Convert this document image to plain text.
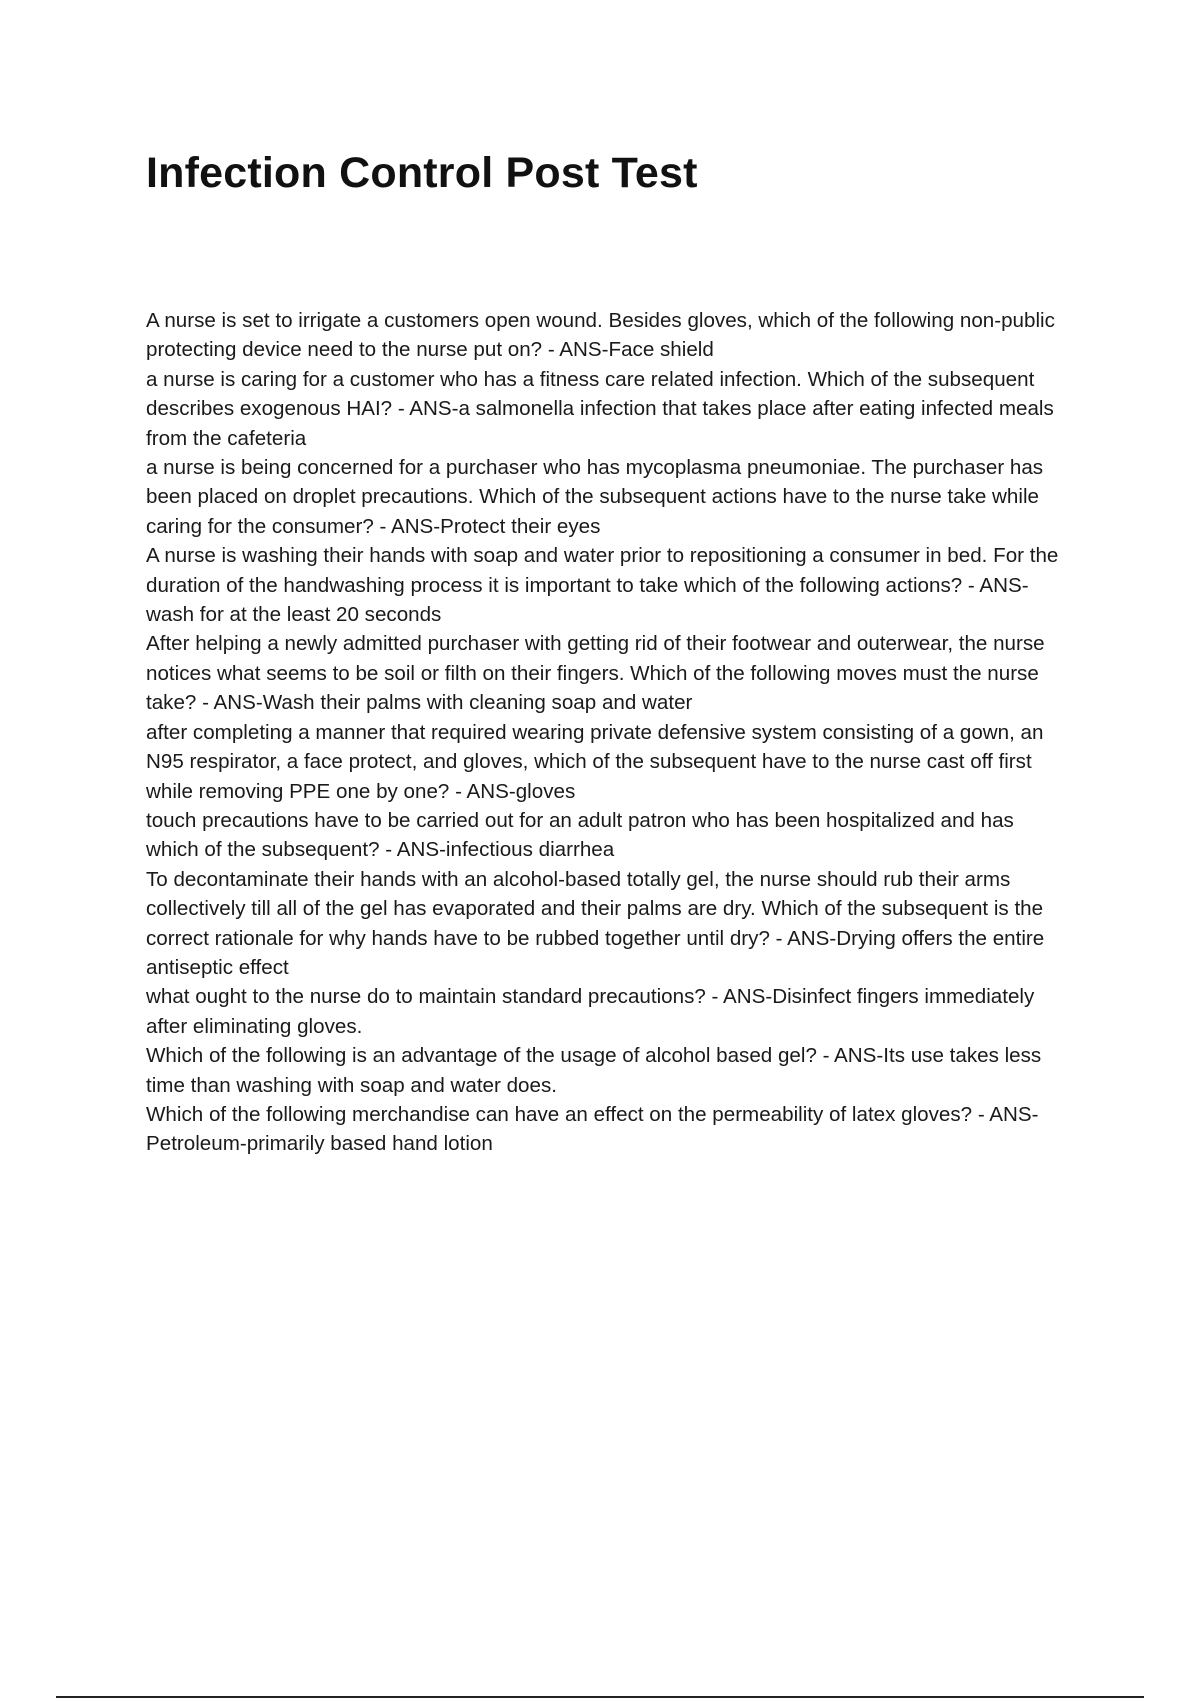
Infection Control Post Test
A nurse is set to irrigate a customers open wound. Besides gloves, which of the following non-public protecting device need to the nurse put on? - ANS-Face shield
a nurse is caring for a customer who has a fitness care related infection. Which of the subsequent describes exogenous HAI? - ANS-a salmonella infection that takes place after eating infected meals from the cafeteria
a nurse is being concerned for a purchaser who has mycoplasma pneumoniae. The purchaser has been placed on droplet precautions. Which of the subsequent actions have to the nurse take while caring for the consumer? - ANS-Protect their eyes
A nurse is washing their hands with soap and water prior to repositioning a consumer in bed. For the duration of the handwashing process it is important to take which of the following actions? - ANS-wash for at the least 20 seconds
After helping a newly admitted purchaser with getting rid of their footwear and outerwear, the nurse notices what seems to be soil or filth on their fingers. Which of the following moves must the nurse take? - ANS-Wash their palms with cleaning soap and water
after completing a manner that required wearing private defensive system consisting of a gown, an N95 respirator, a face protect, and gloves, which of the subsequent have to the nurse cast off first while removing PPE one by one? - ANS-gloves
touch precautions have to be carried out for an adult patron who has been hospitalized and has which of the subsequent? - ANS-infectious diarrhea
To decontaminate their hands with an alcohol-based totally gel, the nurse should rub their arms collectively till all of the gel has evaporated and their palms are dry. Which of the subsequent is the correct rationale for why hands have to be rubbed together until dry? - ANS-Drying offers the entire antiseptic effect
what ought to the nurse do to maintain standard precautions? - ANS-Disinfect fingers immediately after eliminating gloves.
Which of the following is an advantage of the usage of alcohol based gel? - ANS-Its use takes less time than washing with soap and water does.
Which of the following merchandise can have an effect on the permeability of latex gloves? - ANS-Petroleum-primarily based hand lotion
